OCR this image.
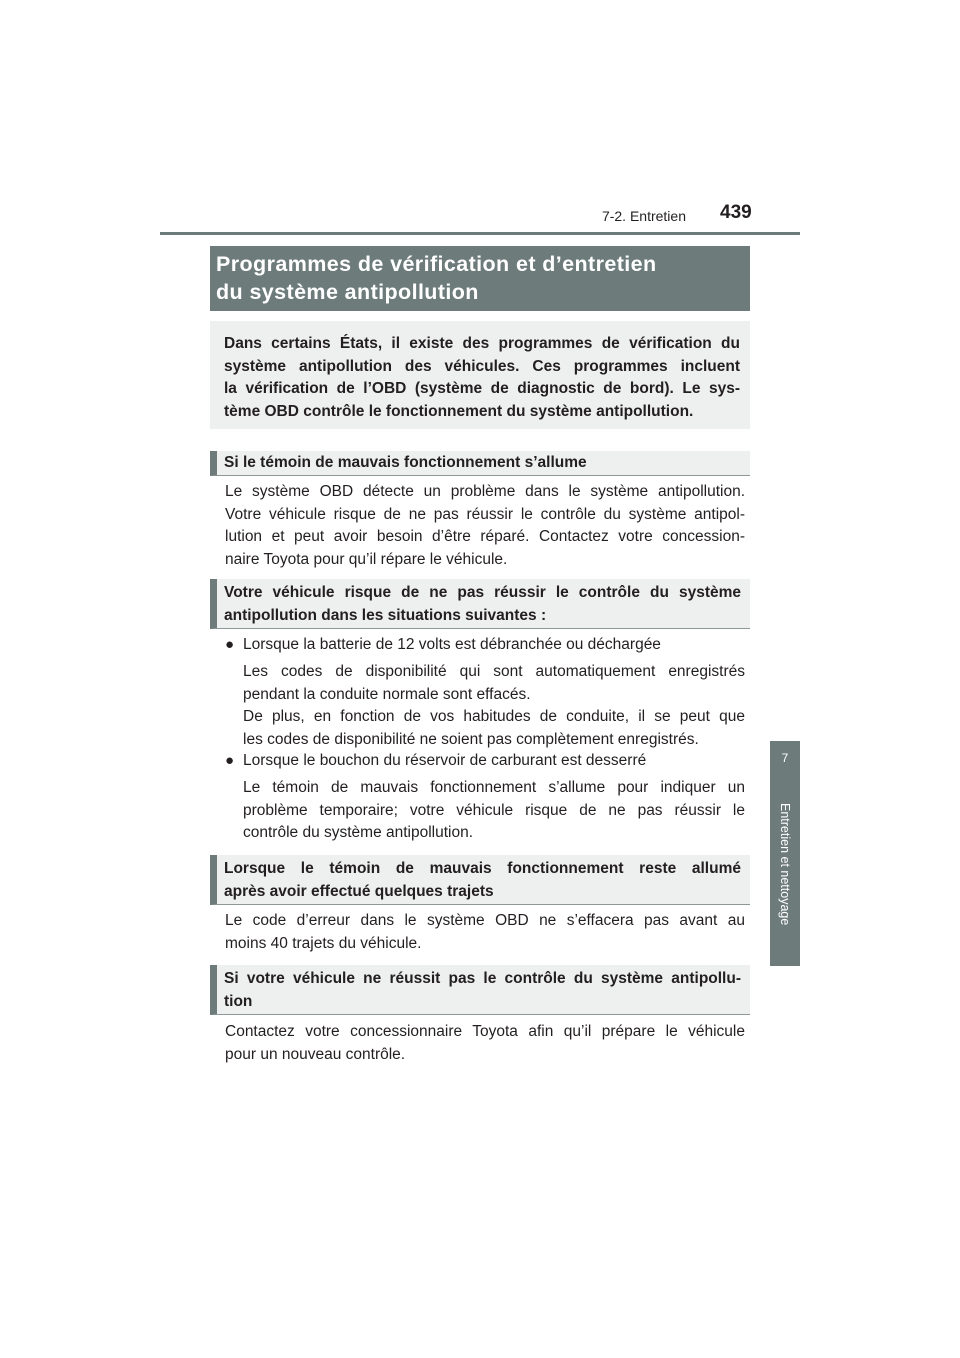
7-2. Entretien 439
7
Entretien et nettoyage
Programmes de vérification et d’entretien
du système antipollution
Dans certains États, il existe des programmes de vérification du
système antipollution des véhicules. Ces programmes incluent
la vérification de l’OBD (système de diagnostic de bord). Le sys-
tème OBD contrôle le fonctionnement du système antipollution.
Si le témoin de mauvais fonctionnement s’allume
Le système OBD détecte un problème dans le système antipollution.
Votre véhicule risque de ne pas réussir le contrôle du système antipol-
lution et peut avoir besoin d’être réparé. Contactez votre concession-
naire Toyota pour qu’il répare le véhicule.
Votre véhicule risque de ne pas réussir le contrôle du système
antipollution dans les situations suivantes :
● Lorsque la batterie de 12 volts est débranchée ou déchargée
Les codes de disponibilité qui sont automatiquement enregistrés
pendant la conduite normale sont effacés.
De plus, en fonction de vos habitudes de conduite, il se peut que
les codes de disponibilité ne soient pas complètement enregistrés.
● Lorsque le bouchon du réservoir de carburant est desserré
Le témoin de mauvais fonctionnement s’allume pour indiquer un
problème temporaire; votre véhicule risque de ne pas réussir le
contrôle du système antipollution.
Lorsque le témoin de mauvais fonctionnement reste allumé
après avoir effectué quelques trajets
Le code d’erreur dans le système OBD ne s’effacera pas avant au
moins 40 trajets du véhicule.
Si votre véhicule ne réussit pas le contrôle du système antipollu-
tion
Contactez votre concessionnaire Toyota afin qu’il prépare le véhicule
pour un nouveau contrôle.
